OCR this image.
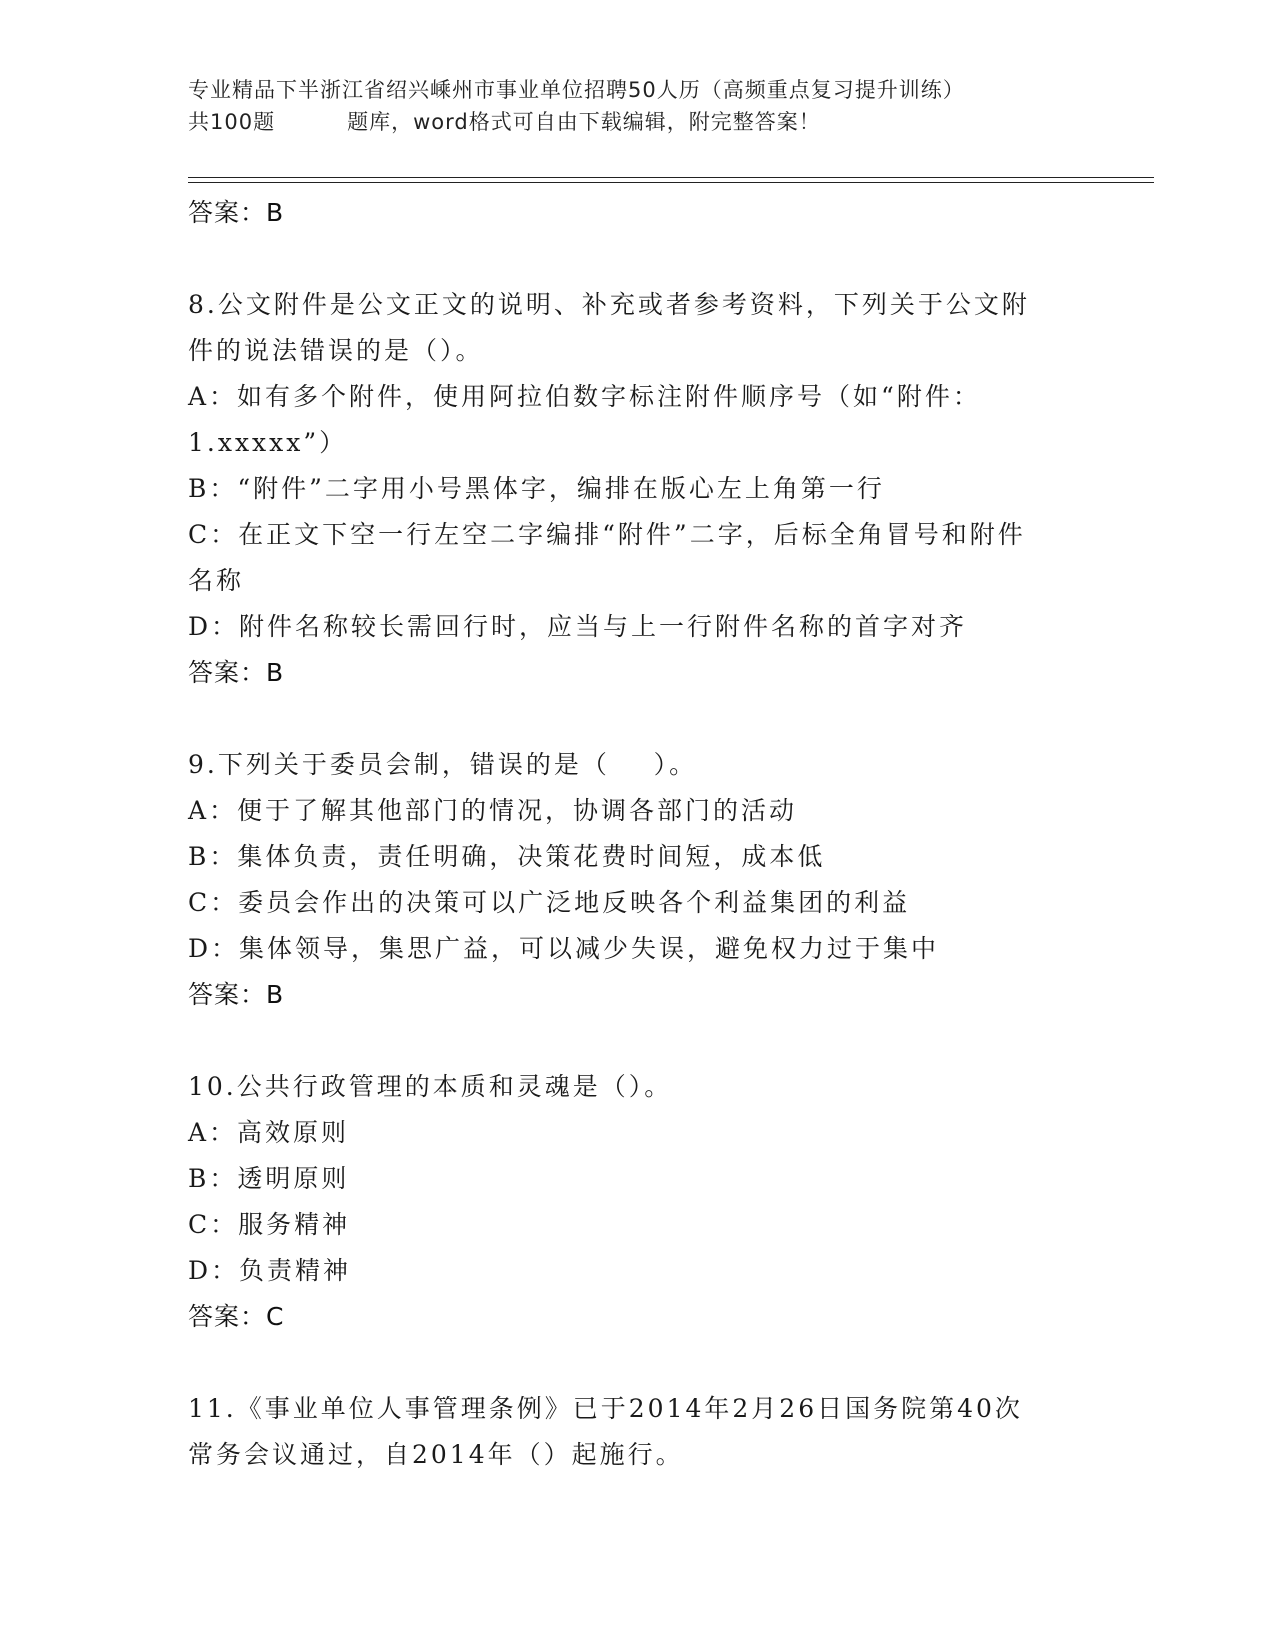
专业精品下半浙江省绍兴嵊州市事业单位招聘50人历（高频重点复习提升训练）
共100题	题库，word格式可自由下载编辑，附完整答案！
答案：B
8.公文附件是公文正文的说明、补充或者参考资料，下列关于公文附
件的说法错误的是（）。
A：如有多个附件，使用阿拉伯数字标注附件顺序号（如“附件：
1.xxxxx”）
B：“附件”二字用小号黑体字，编排在版心左上角第一行
C：在正文下空一行左空二字编排“附件”二字，后标全角冒号和附件
名称
D：附件名称较长需回行时，应当与上一行附件名称的首字对齐
答案：B
9.下列关于委员会制，错误的是（    ）。
A：便于了解其他部门的情况，协调各部门的活动
B：集体负责，责任明确，决策花费时间短，成本低
C：委员会作出的决策可以广泛地反映各个利益集团的利益
D：集体领导，集思广益，可以减少失误，避免权力过于集中
答案：B
10.公共行政管理的本质和灵魂是（）。
A：高效原则
B：透明原则
C：服务精神
D：负责精神
答案：C
11.《事业单位人事管理条例》已于2014年2月26日国务院第40次
常务会议通过，自2014年（）起施行。
